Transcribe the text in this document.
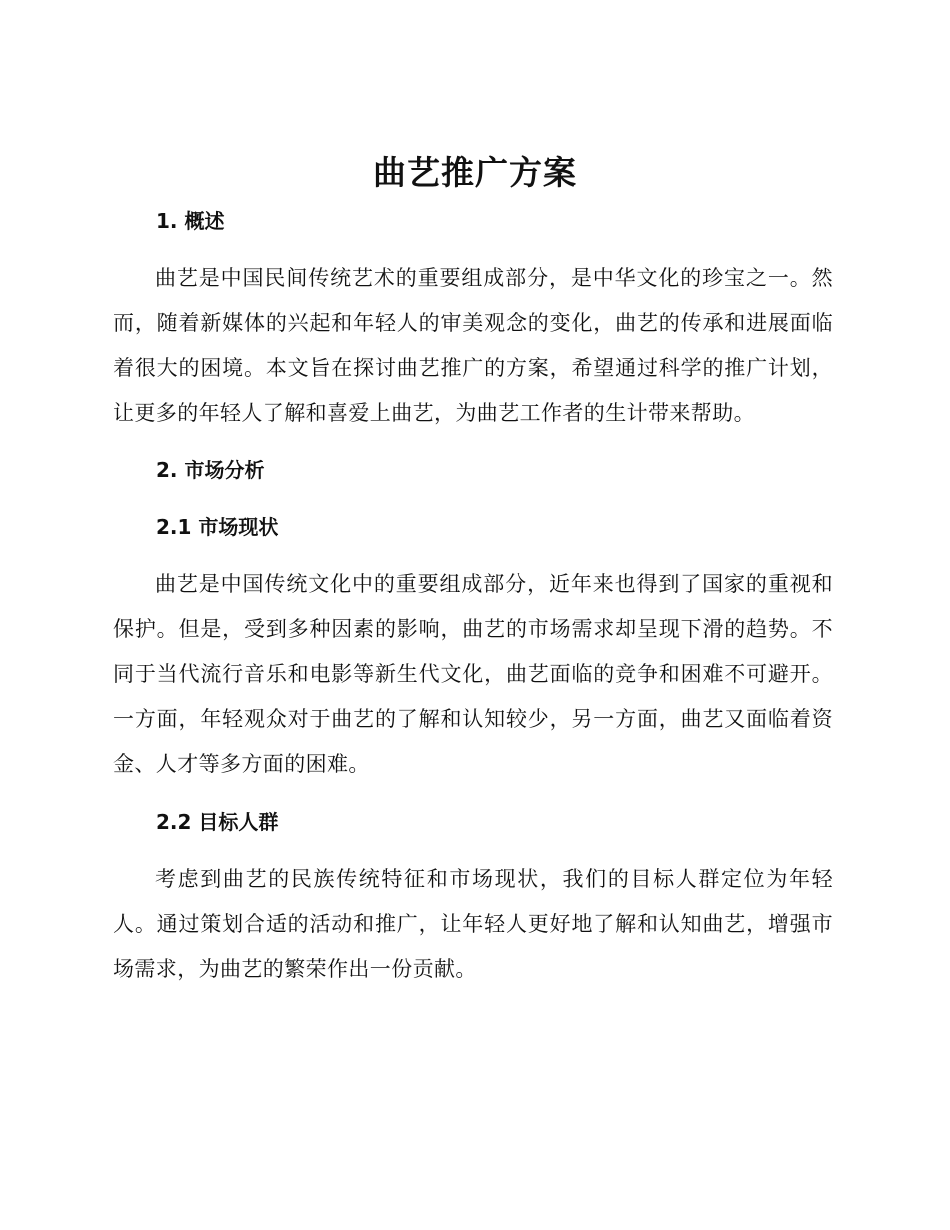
曲艺推广方案
1. 概述

曲艺是中国民间传统艺术的重要组成部分，是中华文化的珍宝之一。然而，随着新媒体的兴起和年轻人的审美观念的变化，曲艺的传承和进展面临着很大的困境。本文旨在探讨曲艺推广的方案，希望通过科学的推广计划，让更多的年轻人了解和喜爱上曲艺，为曲艺工作者的生计带来帮助。

2. 市场分析
2.1 市场现状

曲艺是中国传统文化中的重要组成部分，近年来也得到了国家的重视和保护。但是，受到多种因素的影响，曲艺的市场需求却呈现下滑的趋势。不同于当代流行音乐和电影等新生代文化，曲艺面临的竞争和困难不可避开。一方面，年轻观众对于曲艺的了解和认知较少，另一方面，曲艺又面临着资金、人才等多方面的困难。

2.2 目标人群

考虑到曲艺的民族传统特征和市场现状，我们的目标人群定位为年轻人。通过策划合适的活动和推广，让年轻人更好地了解和认知曲艺，增强市场需求，为曲艺的繁荣作出一份贡献。
